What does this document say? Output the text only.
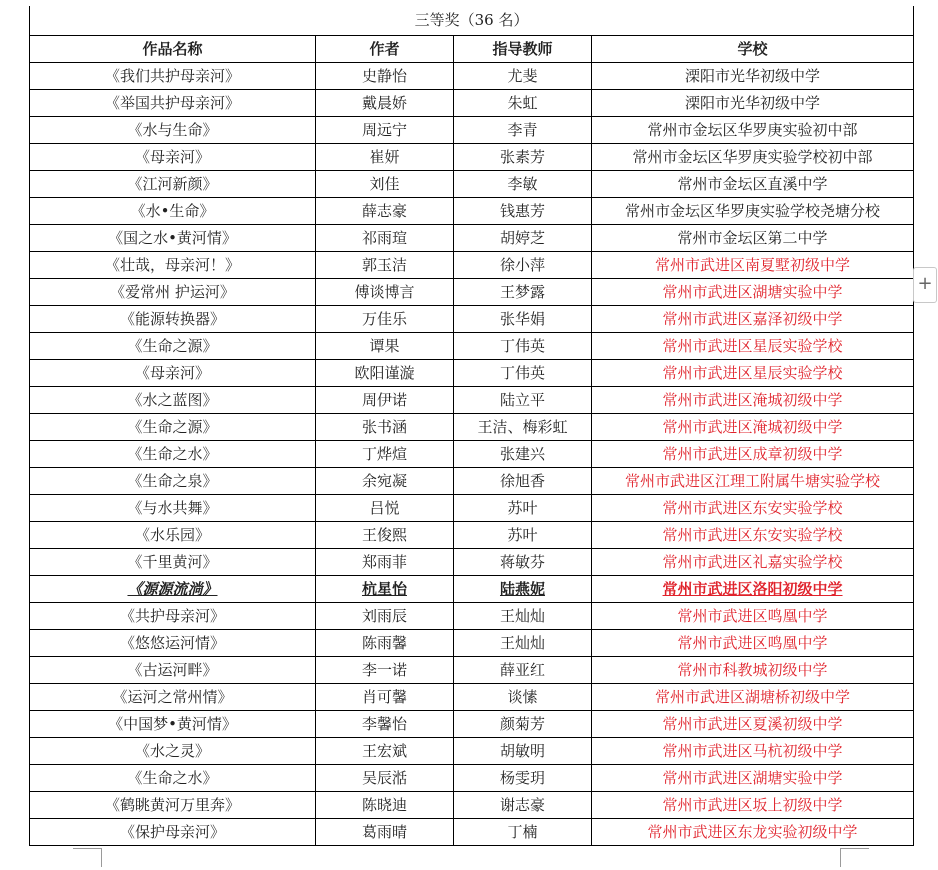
三等奖（36 名）			
作品名称	作者	指导教师	学校
《我们共护母亲河》	史静怡	尤斐	溧阳市光华初级中学
《举国共护母亲河》	戴晨娇	朱虹	溧阳市光华初级中学
《水与生命》	周远宁	李青	常州市金坛区华罗庚实验初中部
《母亲河》	崔妍	张素芳	常州市金坛区华罗庚实验学校初中部
《江河新颜》	刘佳	李敏	常州市金坛区直溪中学
《水•生命》	薛志豪	钱惠芳	常州市金坛区华罗庚实验学校尧塘分校
《国之水•黄河情》	祁雨瑄	胡婷芝	常州市金坛区第二中学
《壮哉，母亲河！》	郭玉洁	徐小萍	常州市武进区南夏墅初级中学
《爱常州 护运河》	傅谈博言	王梦露	常州市武进区湖塘实验中学
《能源转换器》	万佳乐	张华娟	常州市武进区嘉泽初级中学
《生命之源》	谭果	丁伟英	常州市武进区星辰实验学校
《母亲河》	欧阳谨漩	丁伟英	常州市武进区星辰实验学校
《水之蓝图》	周伊诺	陆立平	常州市武进区淹城初级中学
《生命之源》	张书涵	王洁、梅彩虹	常州市武进区淹城初级中学
《生命之水》	丁烨煊	张建兴	常州市武进区成章初级中学
《生命之泉》	余宛凝	徐旭香	常州市武进区江理工附属牛塘实验学校
《与水共舞》	吕悦	苏叶	常州市武进区东安实验学校
《水乐园》	王俊熙	苏叶	常州市武进区东安实验学校
《千里黄河》	郑雨菲	蒋敏芬	常州市武进区礼嘉实验学校
《源源流淌》	杭星怡	陆燕妮	常州市武进区洛阳初级中学
《共护母亲河》	刘雨辰	王灿灿	常州市武进区鸣凰中学
《悠悠运河情》	陈雨馨	王灿灿	常州市武进区鸣凰中学
《古运河畔》	李一诺	薛亚红	常州市科教城初级中学
《运河之常州情》	肖可馨	谈愫	常州市武进区湖塘桥初级中学
《中国梦•黄河情》	李馨怡	颜菊芳	常州市武进区夏溪初级中学
《水之灵》	王宏斌	胡敏明	常州市武进区马杭初级中学
《生命之水》	吴辰湉	杨雯玥	常州市武进区湖塘实验中学
《鹤眺黄河万里奔》	陈晓迪	谢志豪	常州市武进区坂上初级中学
《保护母亲河》	葛雨晴	丁楠	常州市武进区东龙实验初级中学
+
